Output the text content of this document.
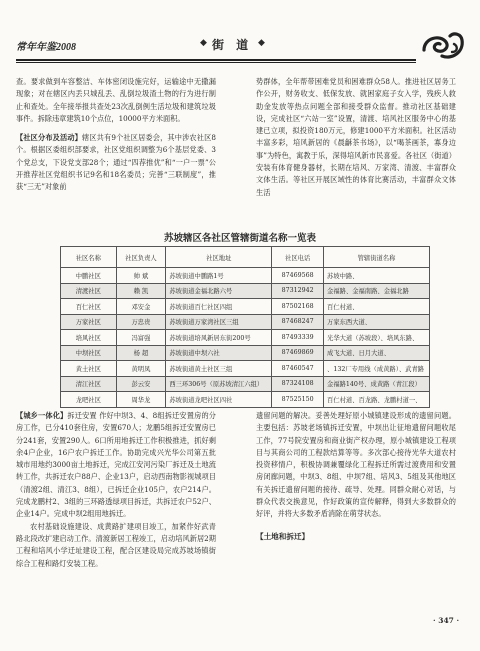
常年年鉴2008	◆ 街 道 ◆

查。要求做到车容整洁、车体密闭设施完好，运输途中无撒漏现象；对在辖区内丢只城乱丢、乱倒垃圾渣土物的行为进行制止和查处。全年接举报共查处23次乱倒例生活垃圾和建筑垃圾事件。拆除违章建筑10个点位，10000平方米面积。

【社区分布及活动】辖区共有9个社区居委会，其中涉农社区8个。根据区委组织部要求，社区党组织调整为6个基层党委、3个党总支，下设党支部28个；通过“四荐推优”和“一户一票”公开推荐社区党组织书记9名和18名委员；完善“三联制度”，推获“三无”对象前

势群体，全年帮带困难党员和困难群众58人。推进社区居务工作公开，财务收支、低保发放、就困家庭子女入学，残疾人救助金发放等热点问题全部和接受群众监督。推动社区基础建设，完成社区“六站一室”设置，清渡、培风社区服务中心的基建已立项，拟投资180万元，修建1000平方米面积。社区活动丰富多彩，培风新居的《晨龢茶书场》，以“喝茶画茶，寡身边事”为特色，寓教于乐，深得培风新市民喜爱。各社区（街道）安装有体育健身器材，长期在培风、万家湾、清渡、丰富群众文体生活。等社区开展区域性的体育比赛活动，丰富群众文体生活

苏坡辖区各社区管辖街道名称一览表
社区名称	社区负责人	社区地址	社区电话	管辖街道名称
中鹏社区	帅 斌	苏坡街道中鹏路1号	87469568	苏坡中路、
清渡社区	赖 凯	苏坡街道金福北路六号	87312942	金福路、金福南路、金福北路
百仁社区	邓安金	苏坡街道百仁社区四组	87502168	百仁村道、
万家社区	万忠贵	苏坡街道万家湾社区三组	87468247	万家东西大道、
培风社区	冯富强	苏坡街道培风新居东街200号	87493339	光华大道（苏坡段）、培风东路、
中坝社区	杨 超	苏坡街道中坝六社	87469869	成飞大道、日月大道、
黄土社区	黄明凤	苏坡街道黄土社区三组	87460547	、132厂专用线（成黄路）、武青路
清江社区	彭云安	西三环306号（原苏坡清江六组）	87324108	金福路140号、成黄路（青江段）
龙吧社区	周华龙	苏坡街道龙吧社区四社	87525150	百仁村道、百龙路、龙鹏村道一、

【城乡一体化】拆迁安置 作好中坝3、4、8组拆迁安置房的分房工作，已分410套住房，安置670人；龙鹏5组拆迁安置房已分241套，安置290人。6口所用地拆迁工作积极推进，抓好剩余4户企业，16户农户拆迁工作。协助完成兴光华公司第五批城市用地约3000亩土地拆迁，完成江安河污染厂拆迁及土地流转工作，共拆迁农户88户、企业13户，启动西南物影视城项目（清渡2组、清江3、8组），已拆迁企业105户，农户214户。完成龙鹏村2、3组的三环路透绿项目拆迁，共拆迁农户52户、企业14户。完成中坝2组用地拆迁。

农村基础设施建设、成黄路扩建项目竣工，加紧作好武青路北段改扩建启动工作。清渡新居工程竣工，启动培风新居2期工程和培风小学迁址建设工程，配合区建设局完成苏坡场镇街综合工程和路灯安装工程。

遗留问题的解决。妥善处理好原小城镇建设形成的遗留问题。主要包括：苏坡老场镇拆迁安置，中坝出让征地遗留问题收尾工作，77号院安置房和商业街产权办理，原小城镇建设工程项目与其商公司的工程款结算等等。多次部心接待光华大道农村投资移情户，积极协调兼覆绿化工程拆迁所需过渡费用和安置房闭廊问题，中坝3、8组、中坝7组、培风3、5组及其他地区有关拆迁遗留问题的接待、疏导、处理。同群众耐心对话，与群众代表交换意见，作好政策的宣传解释，得到大多数群众的好评，并将大多数矛盾消除在萌芽状态。

【土地和拆迁】

· 347 ·
